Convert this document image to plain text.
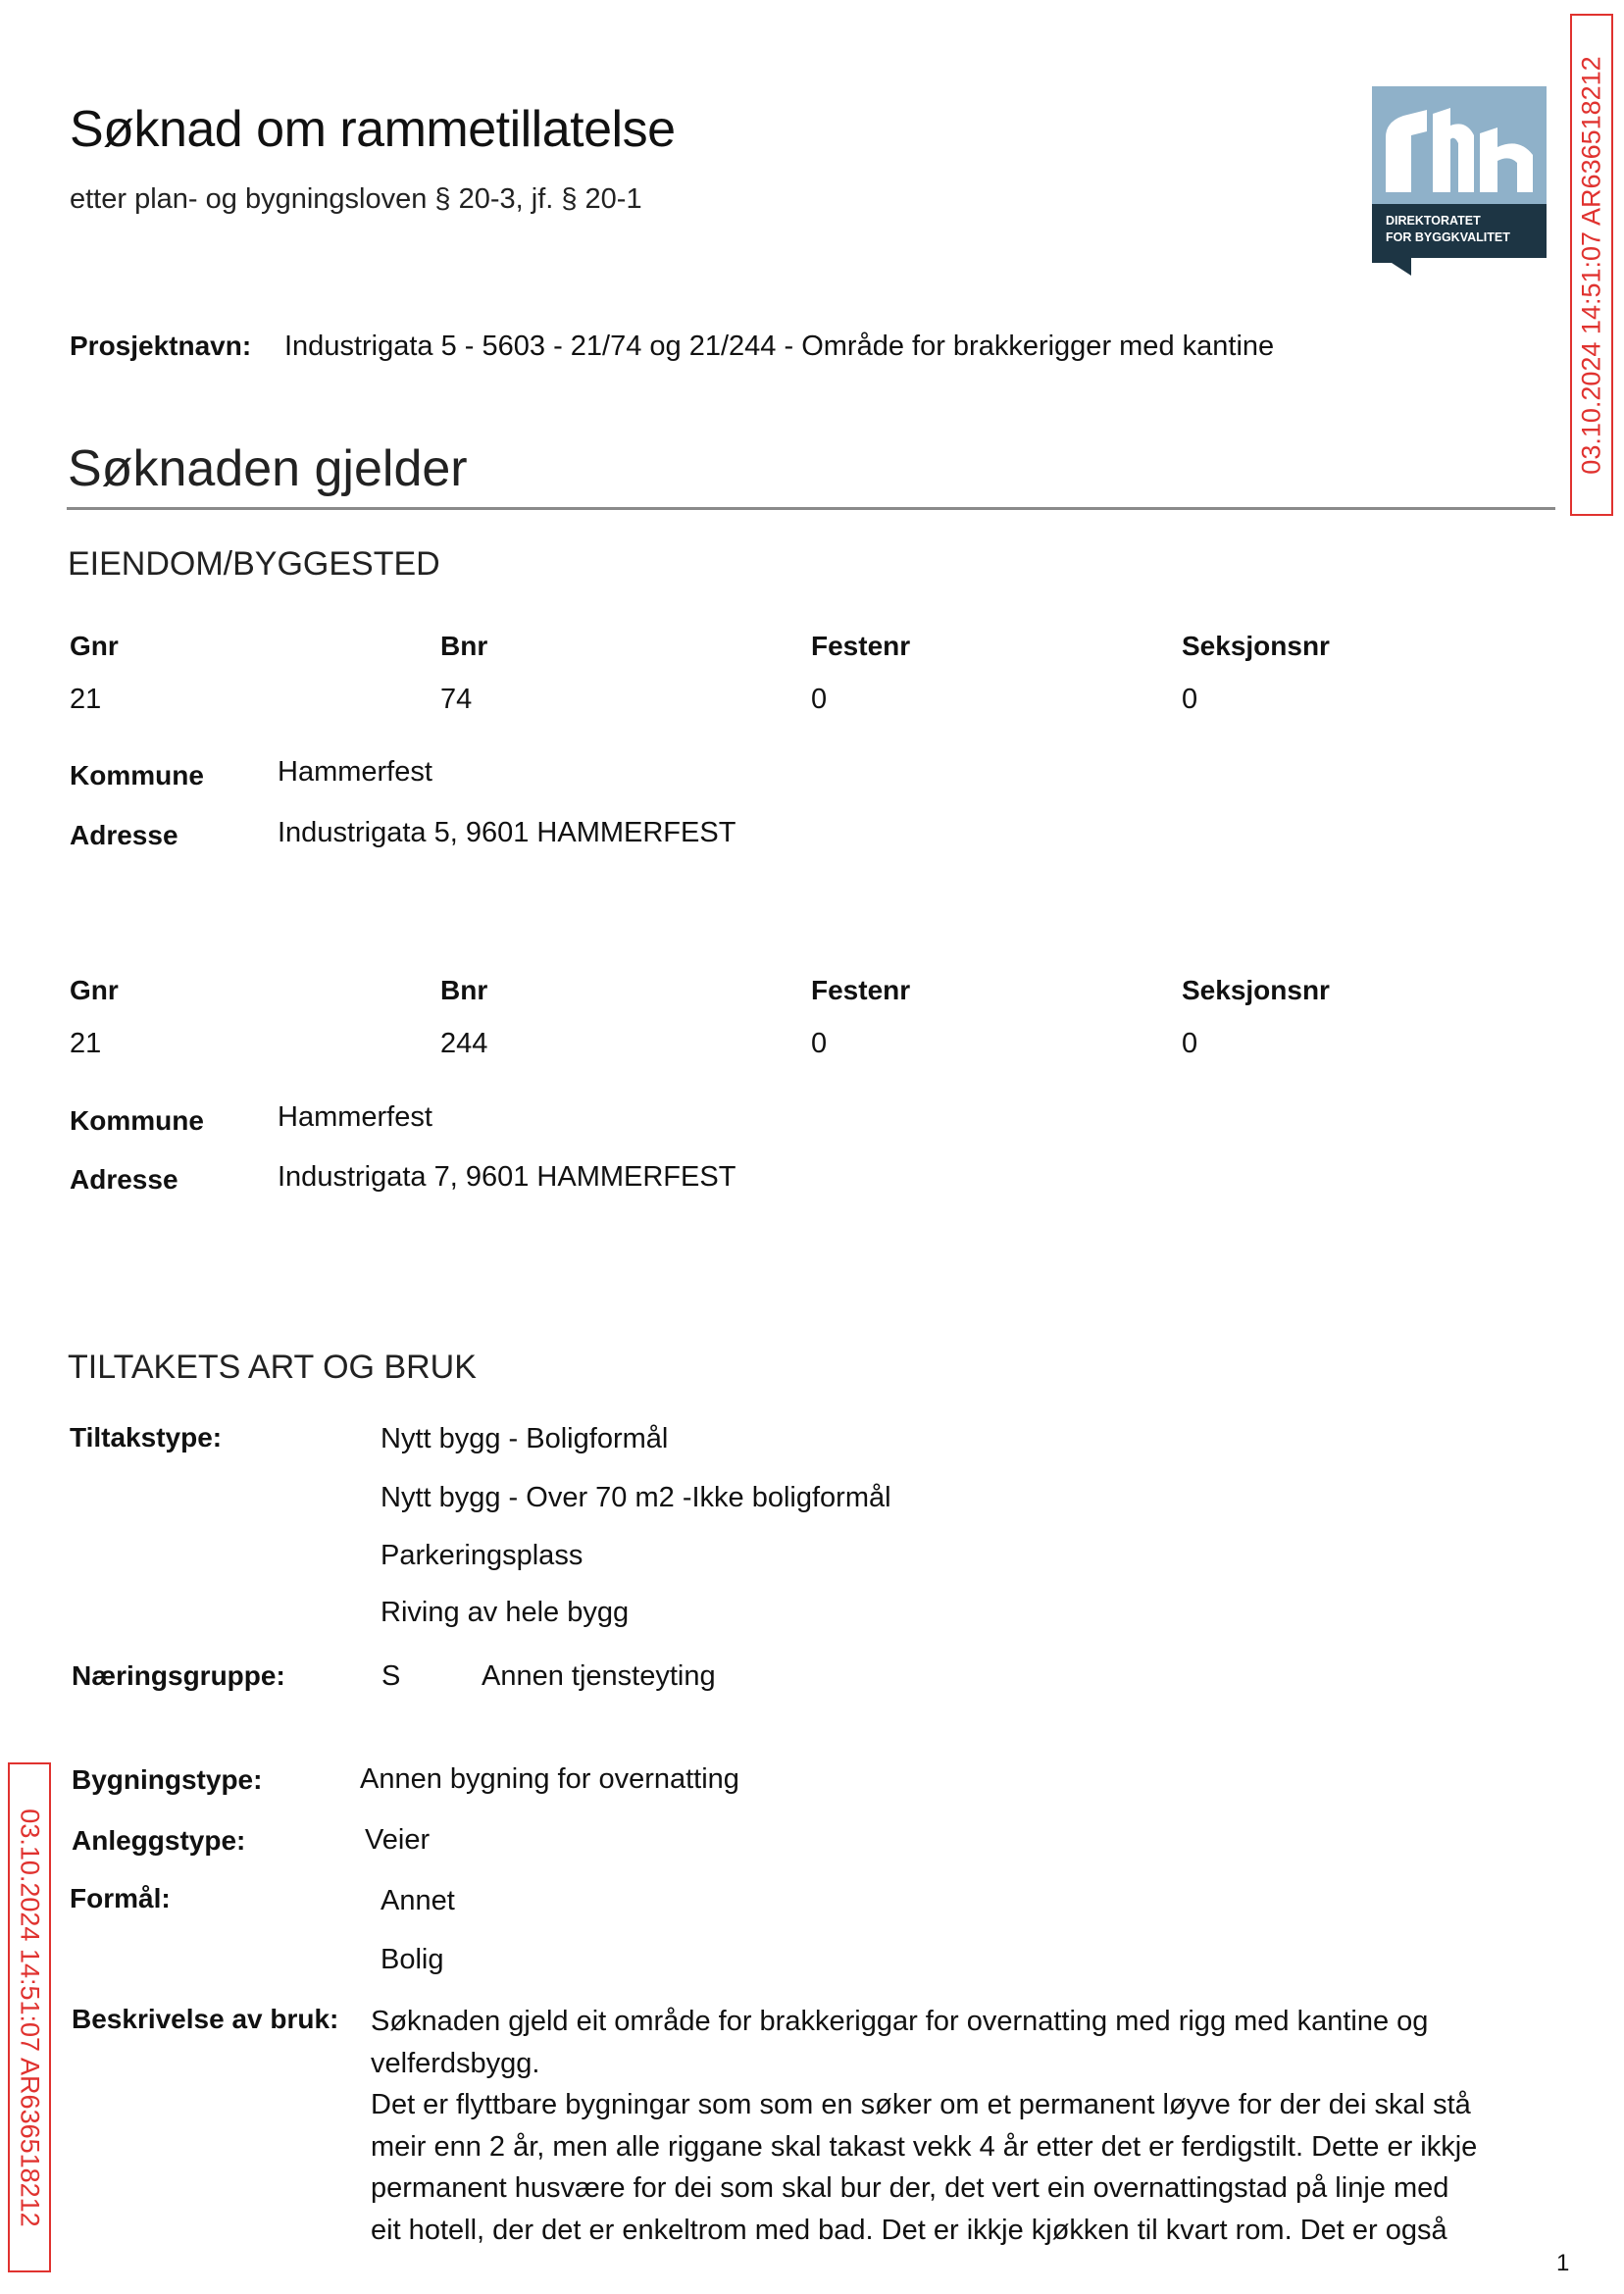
Søknad om rammetillatelse
etter plan- og bygningsloven § 20-3, jf. § 20-1
DIREKTORATET
FOR BYGGKVALITET	03.10.2024 14:51:07 AR636518212
03.10.2024 14:51:07 AR636518212
Prosjektnavn: Industrigata 5 - 5603 - 21/74 og 21/244 - Område for brakkerigger med kantine
Søknaden gjelder
EIENDOM/BYGGESTED
Gnr	Bnr	Festenr	Seksjonsnr
21	74	0	0
Kommune	Hammerfest
Adresse	Industrigata 5, 9601 HAMMERFEST
Gnr	Bnr	Festenr	Seksjonsnr
21	244	0	0
Kommune	Hammerfest
Adresse	Industrigata 7, 9601 HAMMERFEST
TILTAKETS ART OG BRUK
Tiltakstype:	Nytt bygg - Boligformål
Nytt bygg - Over 70 m2 -Ikke boligformål
Parkeringsplass
Riving av hele bygg
Næringsgruppe:	S	Annen tjensteyting
Bygningstype:	Annen bygning for overnatting
Anleggstype:	Veier
Formål:	Annet
Bolig
Beskrivelse av bruk: Søknaden gjeld eit område for brakkeriggar for overnatting med rigg med kantine og
velferdsbygg.
Det er flyttbare bygningar som som en søker om et permanent løyve for der dei skal stå
meir enn 2 år, men alle riggane skal takast vekk 4 år etter det er ferdigstilt. Dette er ikkje
permanent husvære for dei som skal bur der, det vert ein overnattingstad på linje med
eit hotell, der det er enkeltrom med bad. Det er ikkje kjøkken til kvart rom. Det er også
1
